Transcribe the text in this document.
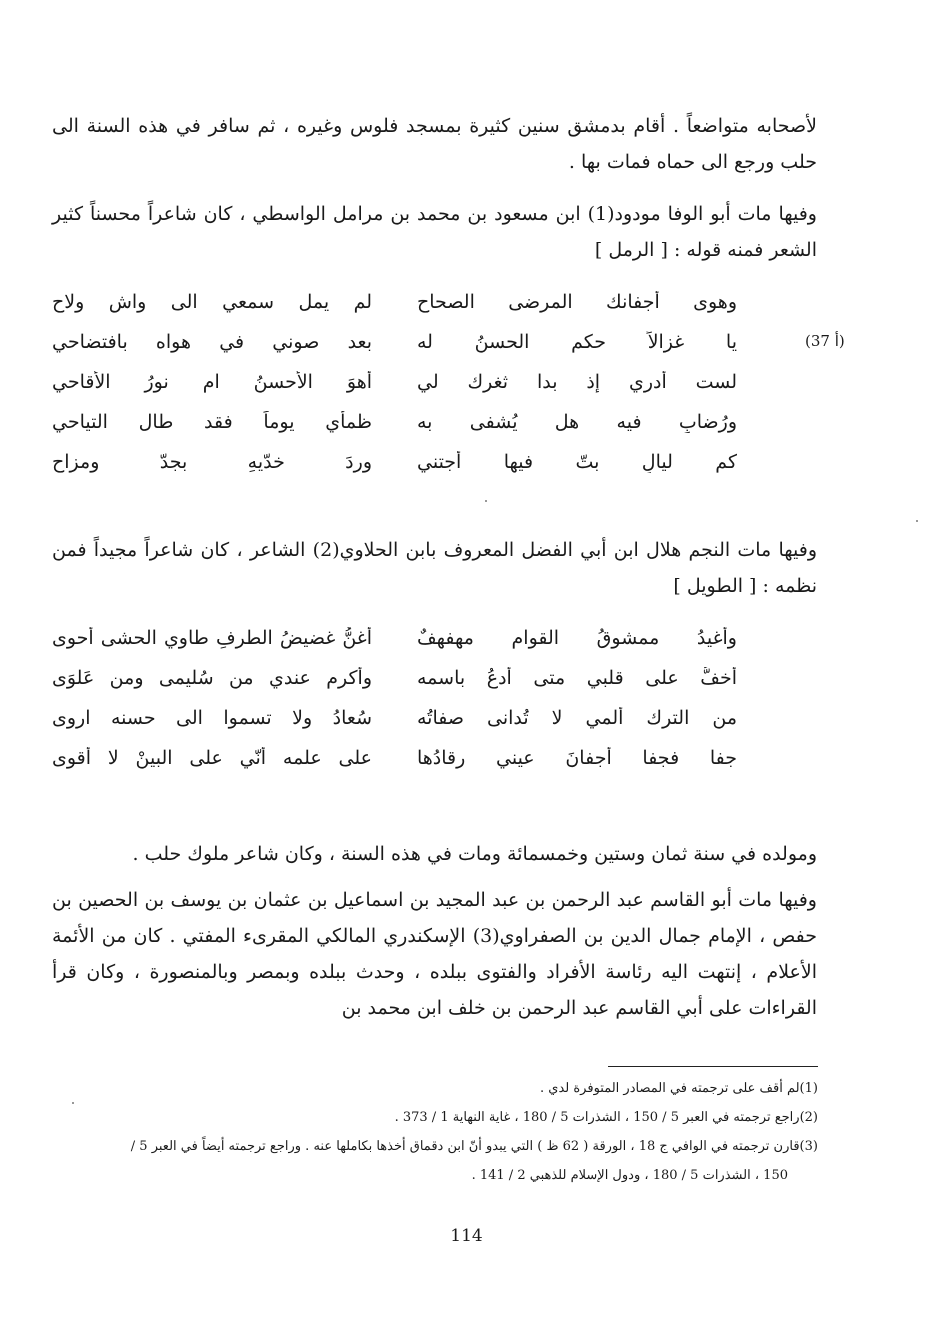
لأصحابه متواضعاً . أقام بدمشق سنين كثيرة بمسجد فلوس وغيره ، ثم سافر في هذه السنة الى حلب ورجع الى حماه فمات بها .

وفيها مات أبو الوفا مودود(1) ابن مسعود بن محمد بن مرامل الواسطي ، كان شاعراً محسناً كثير الشعر فمنه قوله : [ الرمل ]

وهوى أجفانك المرضى الصحاحِ
لم يمل سمعي الى واش ولاحِ
يا غزالاً حكم الحسنُ له
بعد صوني في هواه بافتضاحي
لست أدري إذ بدا ثغرك لي
أهوَ الأحسنُ ام نورُ الأقاحي
ورُضابٍ فيه هل يُشفى به
ظمأي يوماً فقد طال التياحي
كم ليالٍ بتّ فيها أجتني
وردَ خدّيهِ بجدّ ومزاحِ
(37 أ)

وفيها مات النجم هلال ابن أبي الفضل المعروف بابن الحلاوي(2) الشاعر ، كان شاعراً مجيداً فمن نظمه : [ الطويل ]

وأغيدُ ممشوقُ القوام مهفهفٌ
أغنُّ غضيضُ الطرفِ طاوي الحشى أحوى
أخفُّ على قلبي متى أدعُ باسمه
وأكرم عندي من سُليمى ومن عَلوَى
من الترك ألمي لا تُدانى صفاتُه
سُعادُ ولا تسموا الى حسنه اروى
جفا فجفا أجفانَ عيني رقادُها
على علمه أنّي على البينْ لا أقوى

ومولده في سنة ثمان وستين وخمسمائة ومات في هذه السنة ، وكان شاعر ملوك حلب .

وفيها مات أبو القاسم عبد الرحمن بن عبد المجيد بن اسماعيل بن عثمان بن يوسف بن الحصين بن حفص ، الإمام جمال الدين بن الصفراوي(3) الإسكندري المالكي المقرىء المفتي . كان من الأئمة الأعلام ، إنتهت اليه رئاسة الأفراد والفتوى ببلده ، وحدث ببلده وبمصر وبالمنصورة ، وكان قرأ القراءات على أبي القاسم عبد الرحمن بن خلف ابن محمد بن

(1)لم أقف على ترجمته في المصادر المتوفرة لدي .

(2)راجع ترجمته في العبر 5 / 150 ، الشذرات 5 / 180 ، غاية النهاية 1 / 373 .

(3)قارن ترجمته في الوافي ج 18 ، الورقة ( 62 ظ ) التي يبدو أنّ ابن دقماق أخذها بكاملها عنه . وراجع ترجمته أيضاً في العبر 5 /

150 ، الشذرات 5 / 180 ، ودول الإسلام للذهبي 2 / 141 .

114
